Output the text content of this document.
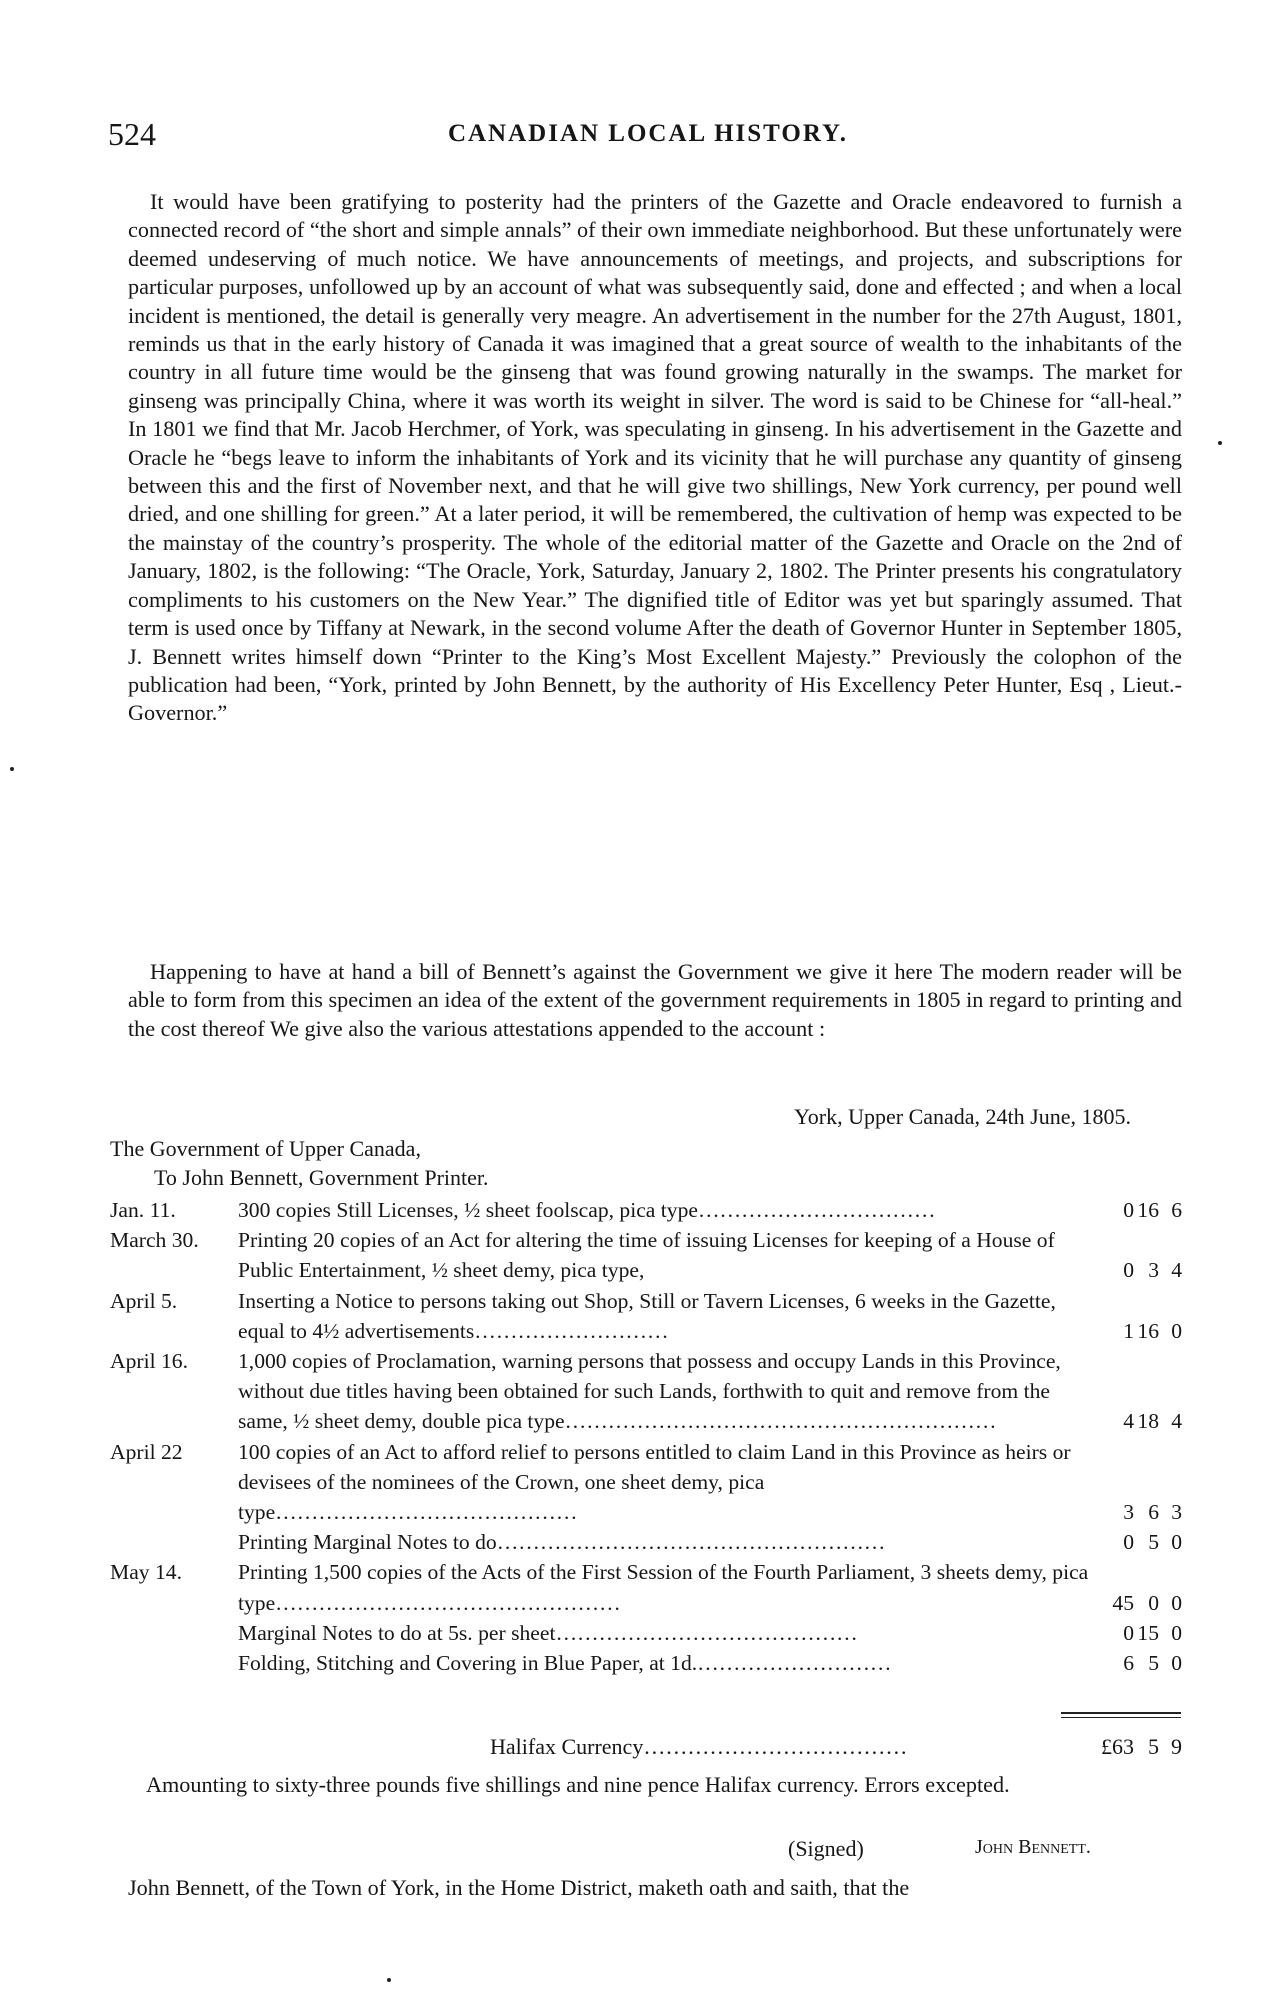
524	CANADIAN LOCAL HISTORY.

It would have been gratifying to posterity had the printers of the Gazette and Oracle endeavored to furnish a connected record of “the short and simple annals” of their own immediate neighborhood. But these unfortunately were deemed undeserving of much notice. We have announcements of meetings, and projects, and subscriptions for particular purposes, unfollowed up by an account of what was subsequently said, done and effected ; and when a local incident is mentioned, the detail is generally very meagre. An advertisement in the number for the 27th August, 1801, reminds us that in the early history of Canada it was imagined that a great source of wealth to the inhabitants of the country in all future time would be the ginseng that was found growing naturally in the swamps. The market for ginseng was principally China, where it was worth its weight in silver. The word is said to be Chinese for “all-heal.” In 1801 we find that Mr. Jacob Herchmer, of York, was speculating in ginseng. In his advertisement in the Gazette and Oracle he “begs leave to inform the inhabitants of York and its vicinity that he will purchase any quantity of ginseng between this and the first of November next, and that he will give two shillings, New York currency, per pound well dried, and one shilling for green.” At a later period, it will be remembered, the cultivation of hemp was expected to be the mainstay of the country’s prosperity. The whole of the editorial matter of the Gazette and Oracle on the 2nd of January, 1802, is the following: “The Oracle, York, Saturday, January 2, 1802. The Printer presents his congratulatory compliments to his customers on the New Year.” The dignified title of Editor was yet but sparingly assumed. That term is used once by Tiffany at Newark, in the second volume After the death of Governor Hunter in September 1805, J. Bennett writes himself down “Printer to the King’s Most Excellent Majesty.” Previously the colophon of the publication had been, “York, printed by John Bennett, by the authority of His Excellency Peter Hunter, Esq , Lieut.-Governor.”

Happening to have at hand a bill of Bennett’s against the Government we give it here The modern reader will be able to form from this specimen an idea of the extent of the government requirements in 1805 in regard to printing and the cost thereof We give also the various attestations appended to the account :

York, Upper Canada, 24th June, 1805.
The Government of Upper Canada,
To John Bennett, Government Printer.
Jan. 11.	300 copies Still Licenses, ½ sheet foolscap, pica type……………………………	0 16 6
March 30.	Printing 20 copies of an Act for altering the time of issuing Licenses for keeping of a House of Public Entertainment, ½ sheet demy, pica type,	0 3 4
April 5.	Inserting a Notice to persons taking out Shop, Still or Tavern Licenses, 6 weeks in the Gazette, equal to 4½ advertisements………………………	1 16 0
April 16.	1,000 copies of Proclamation, warning persons that possess and occupy Lands in this Province, without due titles having been obtained for such Lands, forthwith to quit and remove from the same, ½ sheet demy, double pica type……………………………………………………	4 18 4
April 22	100 copies of an Act to afford relief to persons entitled to claim Land in this Province as heirs or devisees of the nominees of the Crown, one sheet demy, pica type……………………………………	3 6 3
Printing Marginal Notes to do………………………………………………	0 5 0
May 14.	Printing 1,500 copies of the Acts of the First Session of the Fourth Parliament, 3 sheets demy, pica type…………………………………………	45 0 0
Marginal Notes to do at 5s. per sheet……………………………………	0 15 0
Folding, Stitching and Covering in Blue Paper, at 1d.………………………	6 5 0
Halifax Currency………………………………	£63 5 9

Amounting to sixty-three pounds five shillings and nine pence Halifax currency. Errors excepted.

(Signed)	John Bennett.
John Bennett, of the Town of York, in the Home District, maketh oath and saith, that the
